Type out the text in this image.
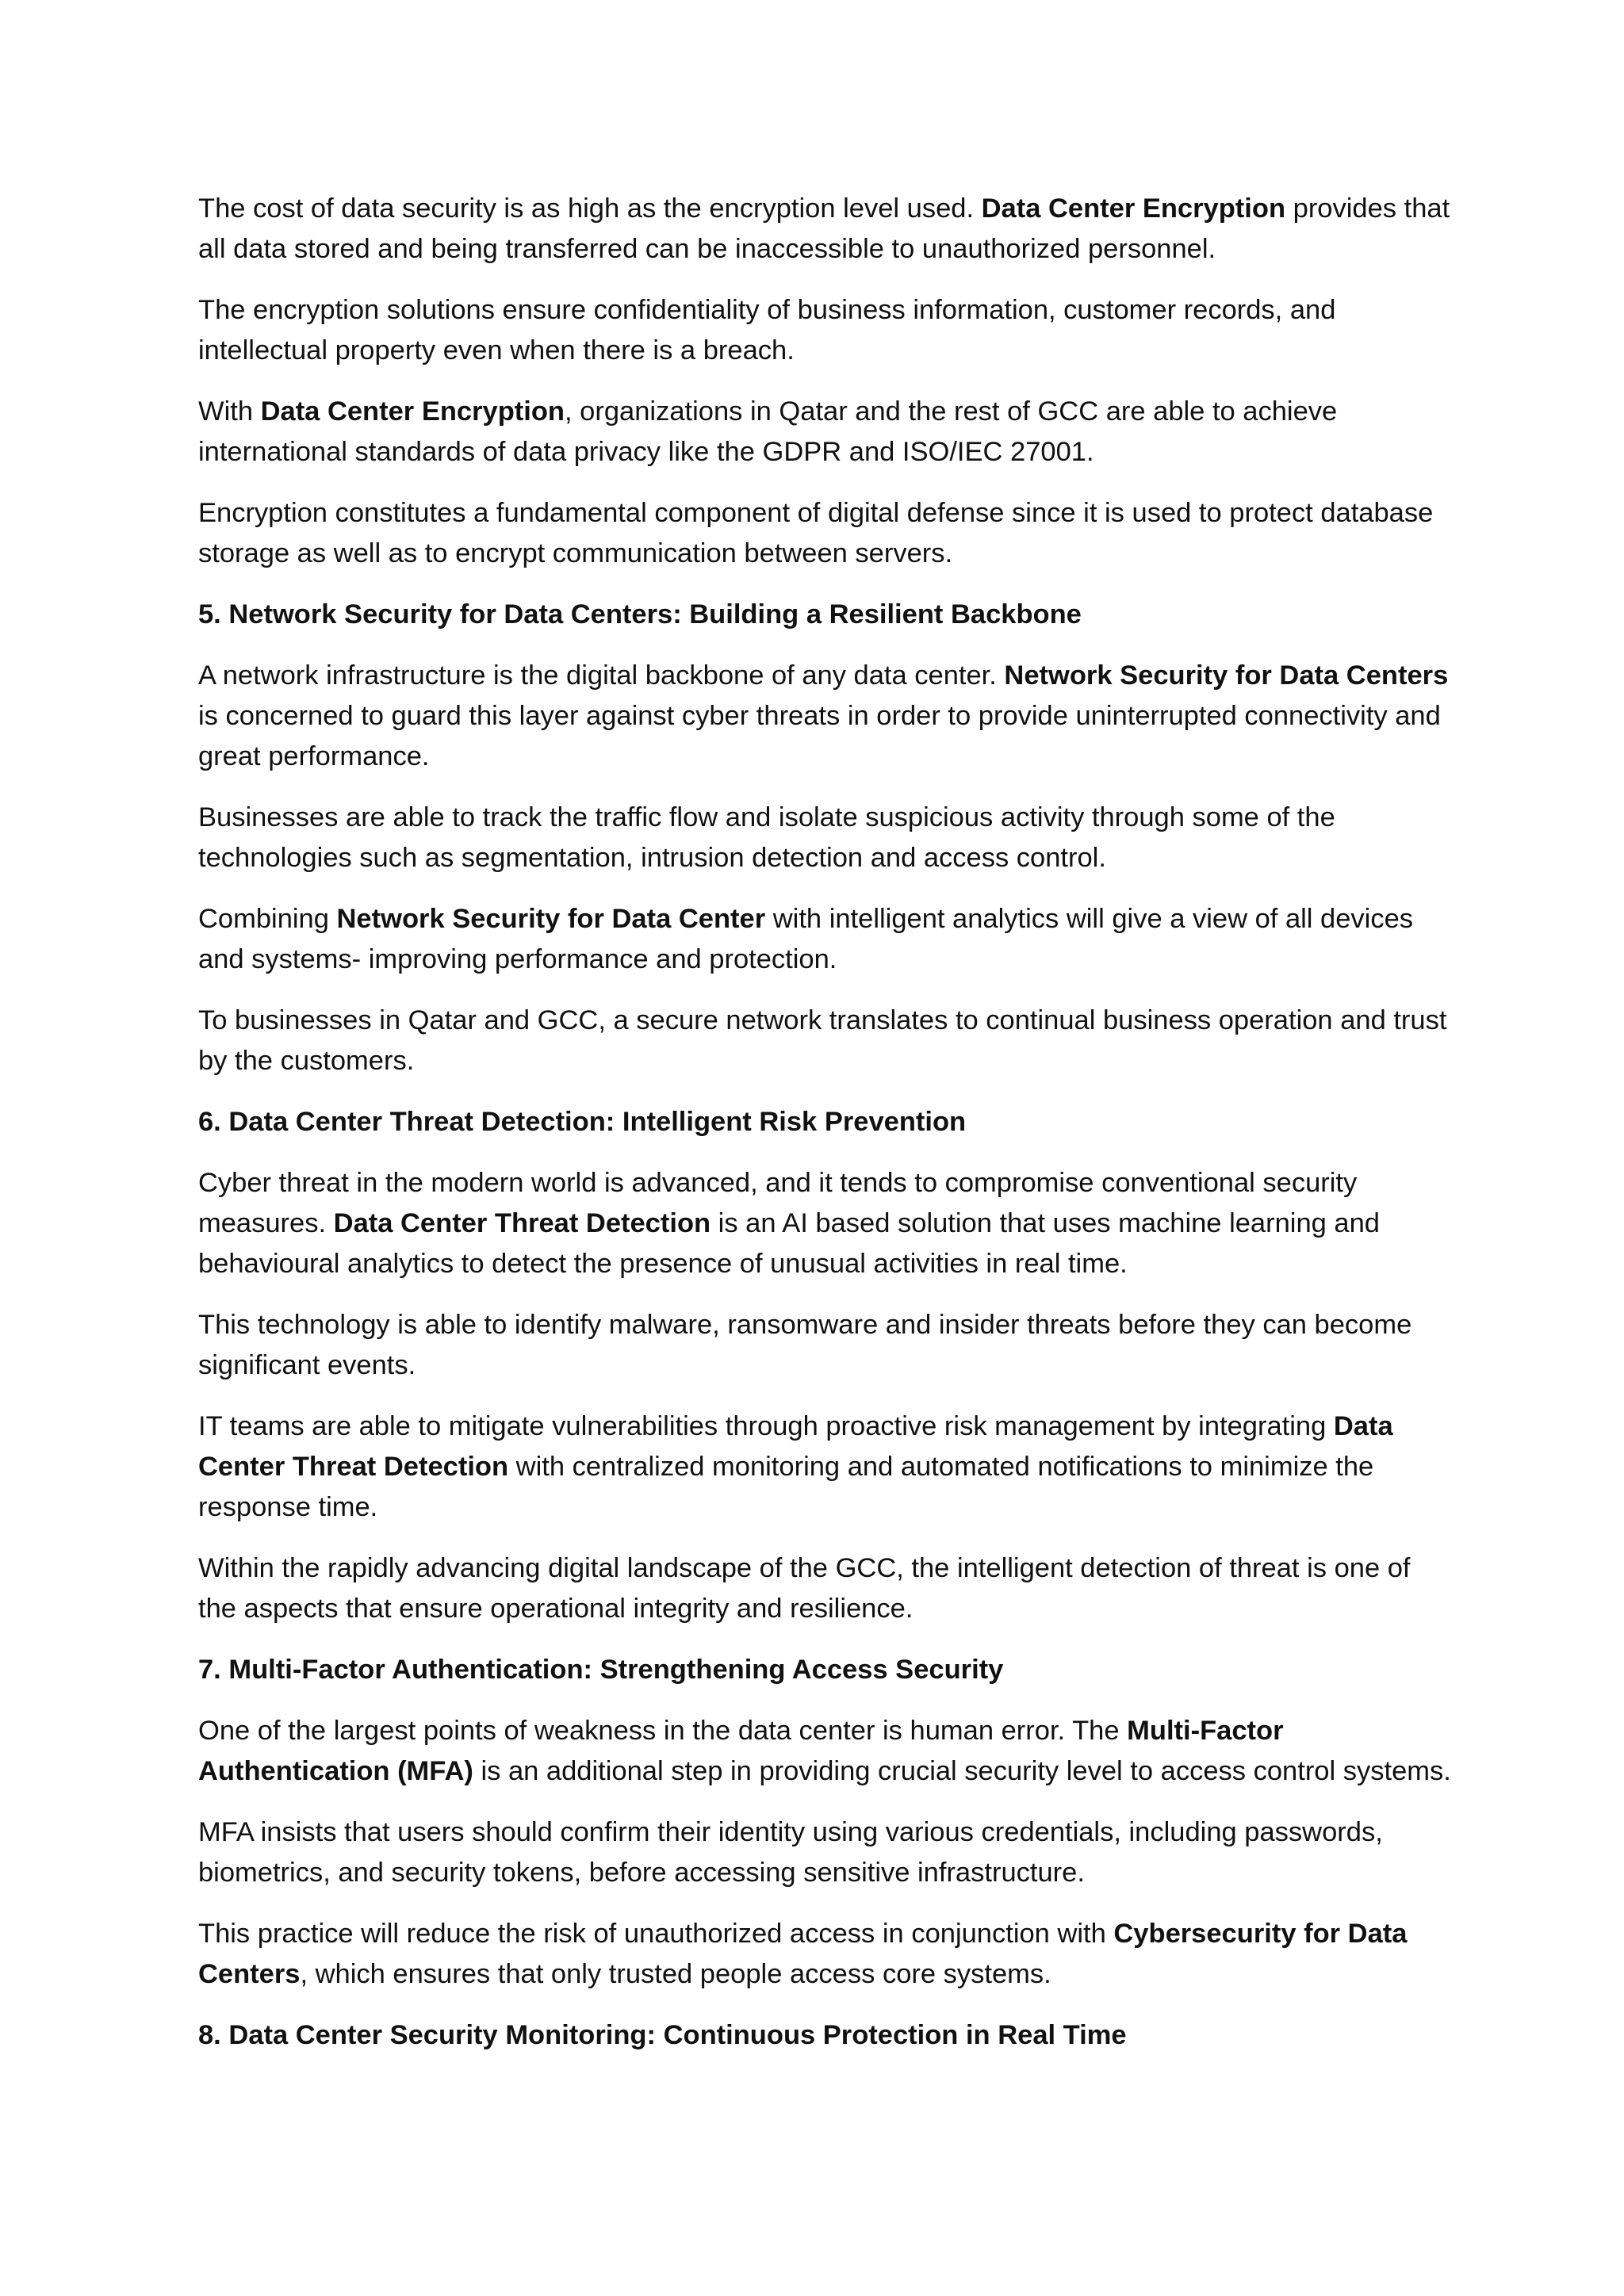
The cost of data security is as high as the encryption level used. Data Center Encryption provides that all data stored and being transferred can be inaccessible to unauthorized personnel.

The encryption solutions ensure confidentiality of business information, customer records, and intellectual property even when there is a breach.

With Data Center Encryption, organizations in Qatar and the rest of GCC are able to achieve international standards of data privacy like the GDPR and ISO/IEC 27001.

Encryption constitutes a fundamental component of digital defense since it is used to protect database storage as well as to encrypt communication between servers.

5. Network Security for Data Centers: Building a Resilient Backbone

A network infrastructure is the digital backbone of any data center. Network Security for Data Centers is concerned to guard this layer against cyber threats in order to provide uninterrupted connectivity and great performance.

Businesses are able to track the traffic flow and isolate suspicious activity through some of the technologies such as segmentation, intrusion detection and access control.

Combining Network Security for Data Center with intelligent analytics will give a view of all devices and systems- improving performance and protection.

To businesses in Qatar and GCC, a secure network translates to continual business operation and trust by the customers.

6. Data Center Threat Detection: Intelligent Risk Prevention

Cyber threat in the modern world is advanced, and it tends to compromise conventional security measures. Data Center Threat Detection is an AI based solution that uses machine learning and behavioural analytics to detect the presence of unusual activities in real time.

This technology is able to identify malware, ransomware and insider threats before they can become significant events.

IT teams are able to mitigate vulnerabilities through proactive risk management by integrating Data Center Threat Detection with centralized monitoring and automated notifications to minimize the response time.

Within the rapidly advancing digital landscape of the GCC, the intelligent detection of threat is one of the aspects that ensure operational integrity and resilience.

7. Multi-Factor Authentication: Strengthening Access Security

One of the largest points of weakness in the data center is human error. The Multi-Factor Authentication (MFA) is an additional step in providing crucial security level to access control systems.

MFA insists that users should confirm their identity using various credentials, including passwords, biometrics, and security tokens, before accessing sensitive infrastructure.

This practice will reduce the risk of unauthorized access in conjunction with Cybersecurity for Data Centers, which ensures that only trusted people access core systems.

8. Data Center Security Monitoring: Continuous Protection in Real Time
